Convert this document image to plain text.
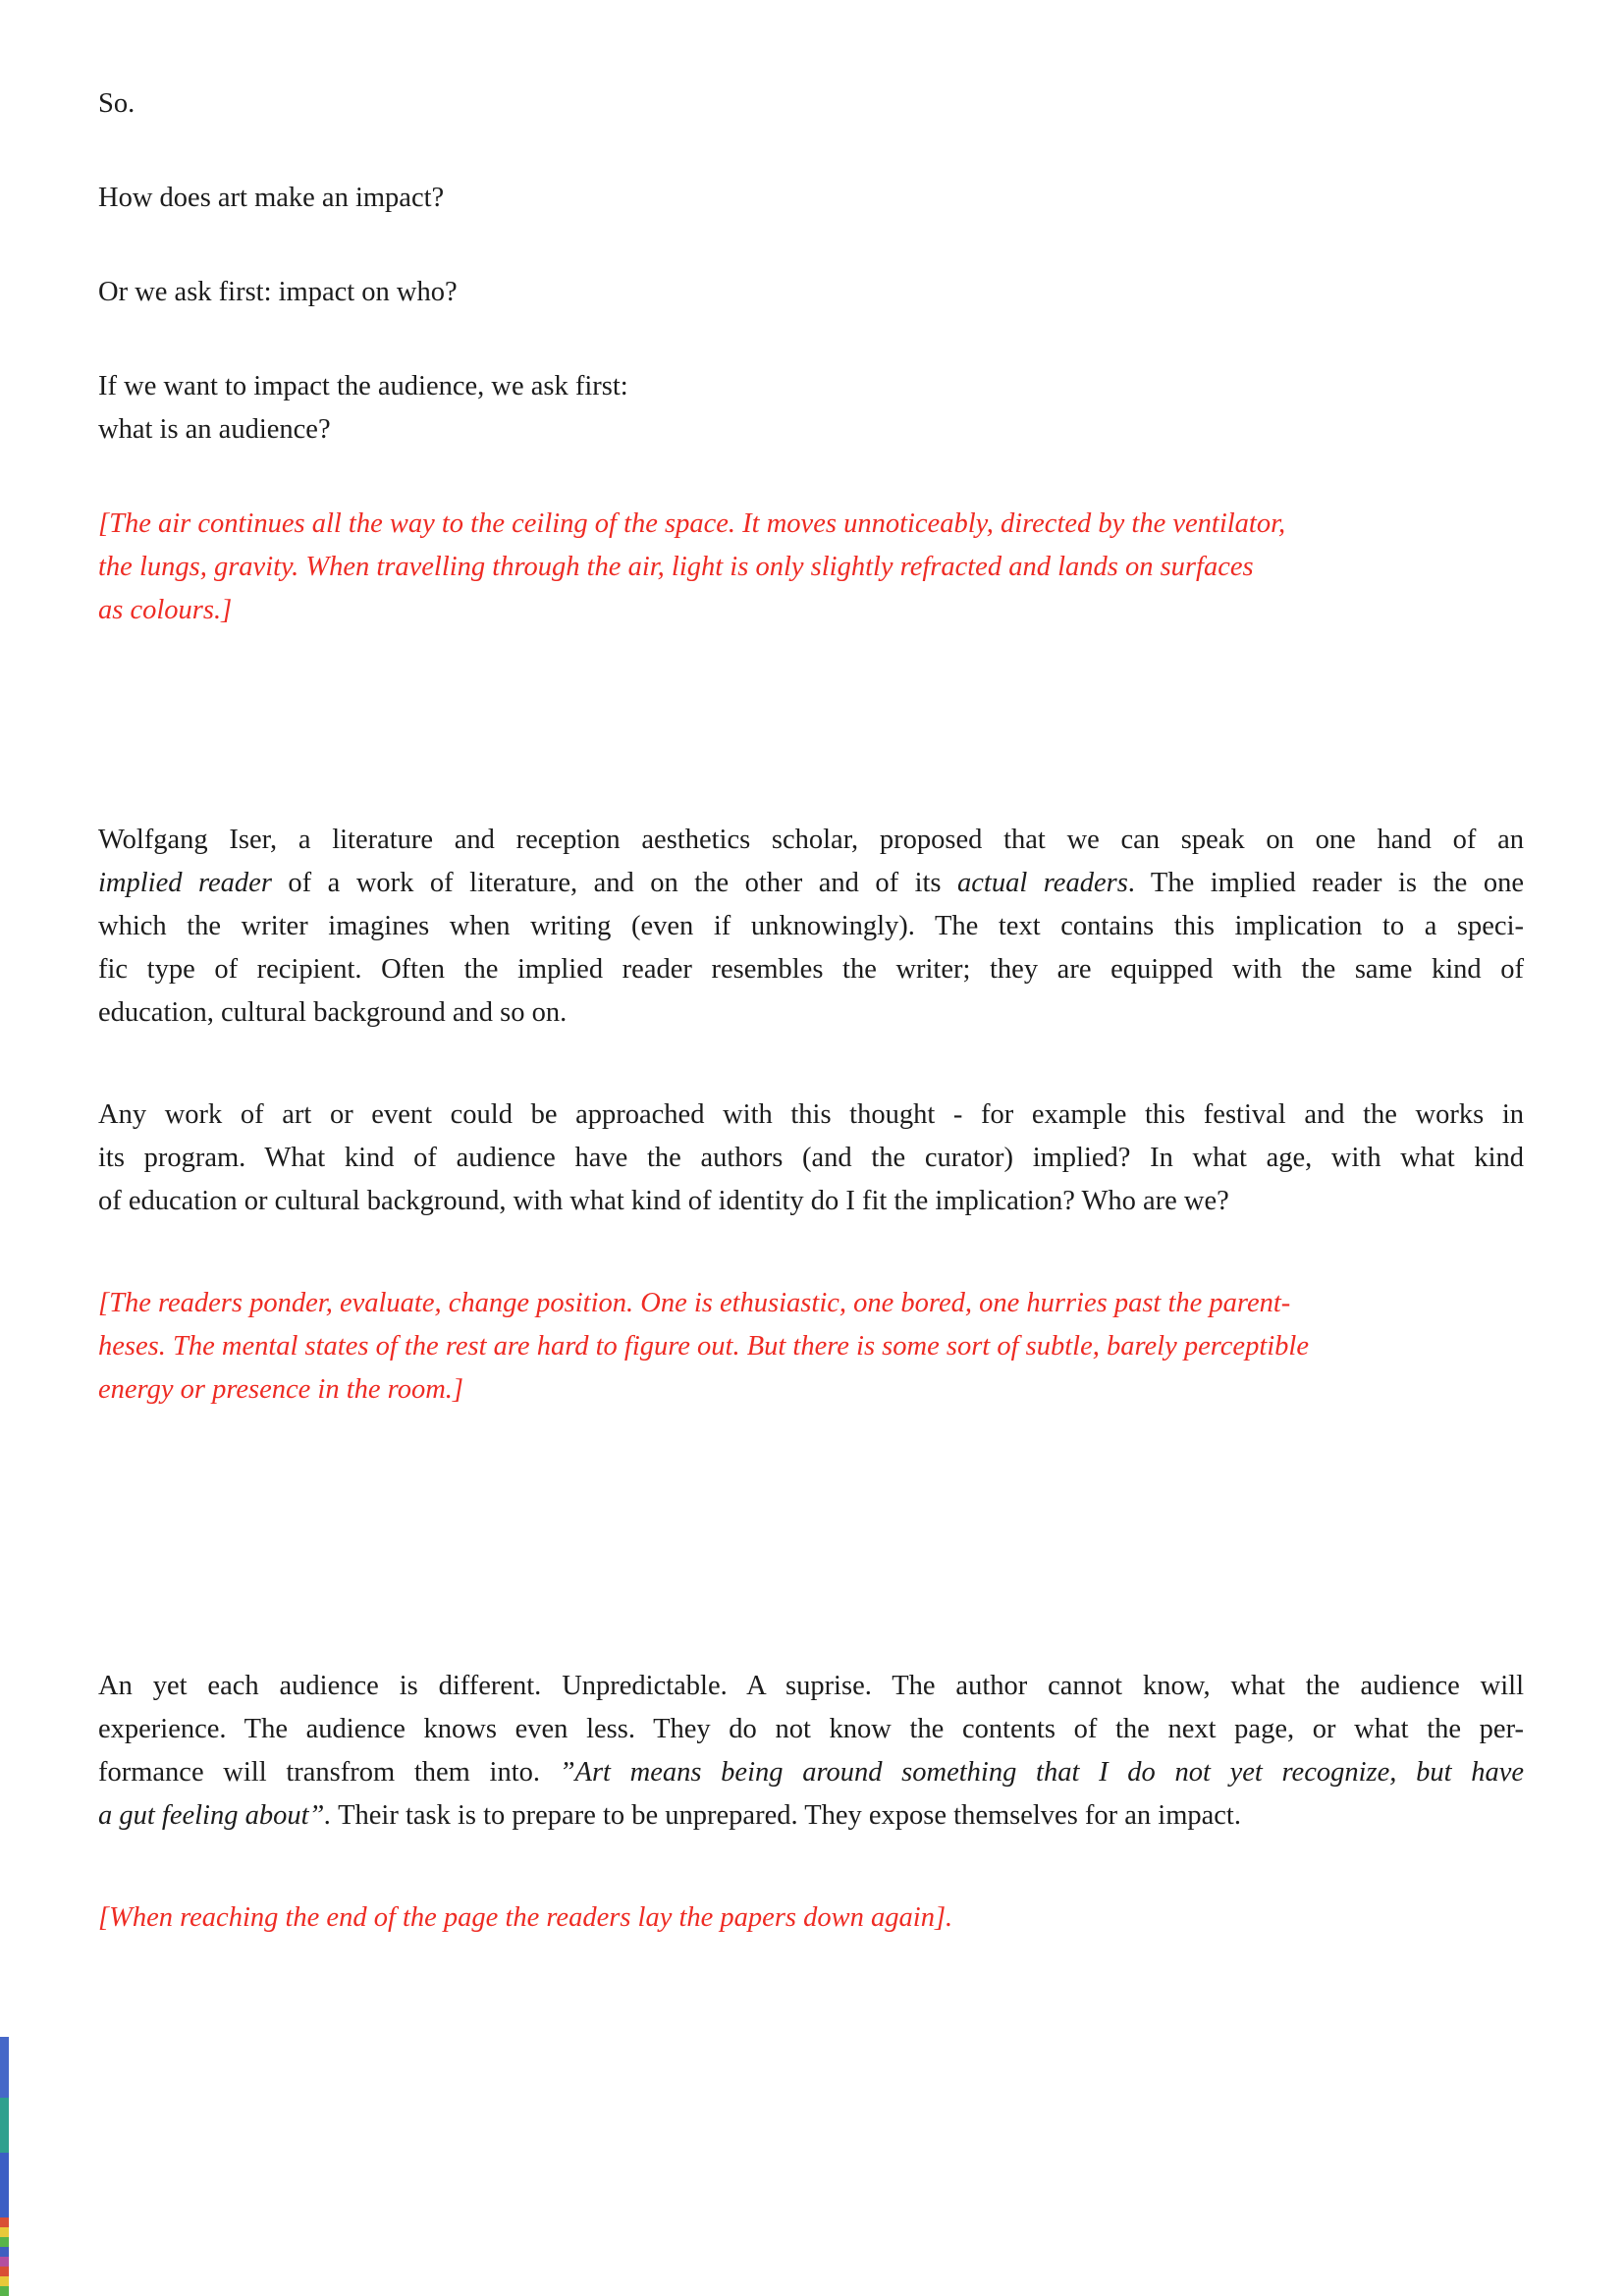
So.
How does art make an impact?
Or we ask first: impact on who?
If we want to impact the audience, we ask first:
what is an audience?
[The air continues all the way to the ceiling of the space. It moves unnoticeably, directed by the ventilator,
the lungs, gravity. When travelling through the air, light is only slightly refracted and lands on surfaces
as colours.]
Wolfgang Iser, a literature and reception aesthetics scholar, proposed that we can speak on one hand of an
implied reader of a work of literature, and on the other and of its actual readers. The implied reader is the one
which the writer imagines when writing (even if unknowingly). The text contains this implication to a speci-
fic type of recipient. Often the implied reader resembles the writer; they are equipped with the same kind of
education, cultural background and so on.
Any work of art or event could be approached with this thought - for example this festival and the works in
its program. What kind of audience have the authors (and the curator) implied? In what age, with what kind
of education or cultural background, with what kind of identity do I fit the implication? Who are we?
[The readers ponder, evaluate, change position. One is ethusiastic, one bored, one hurries past the parent-
heses. The mental states of the rest are hard to figure out. But there is some sort of subtle, barely perceptible
energy or presence in the room.]
An yet each audience is different. Unpredictable. A suprise. The author cannot know, what the audience will
experience. The audience knows even less. They do not know the contents of the next page, or what the per-
formance will transfrom them into. ”Art means being around something that I do not yet recognize, but have
a gut feeling about”. Their task is to prepare to be unprepared. They expose themselves for an impact.
[When reaching the end of the page the readers lay the papers down again].
